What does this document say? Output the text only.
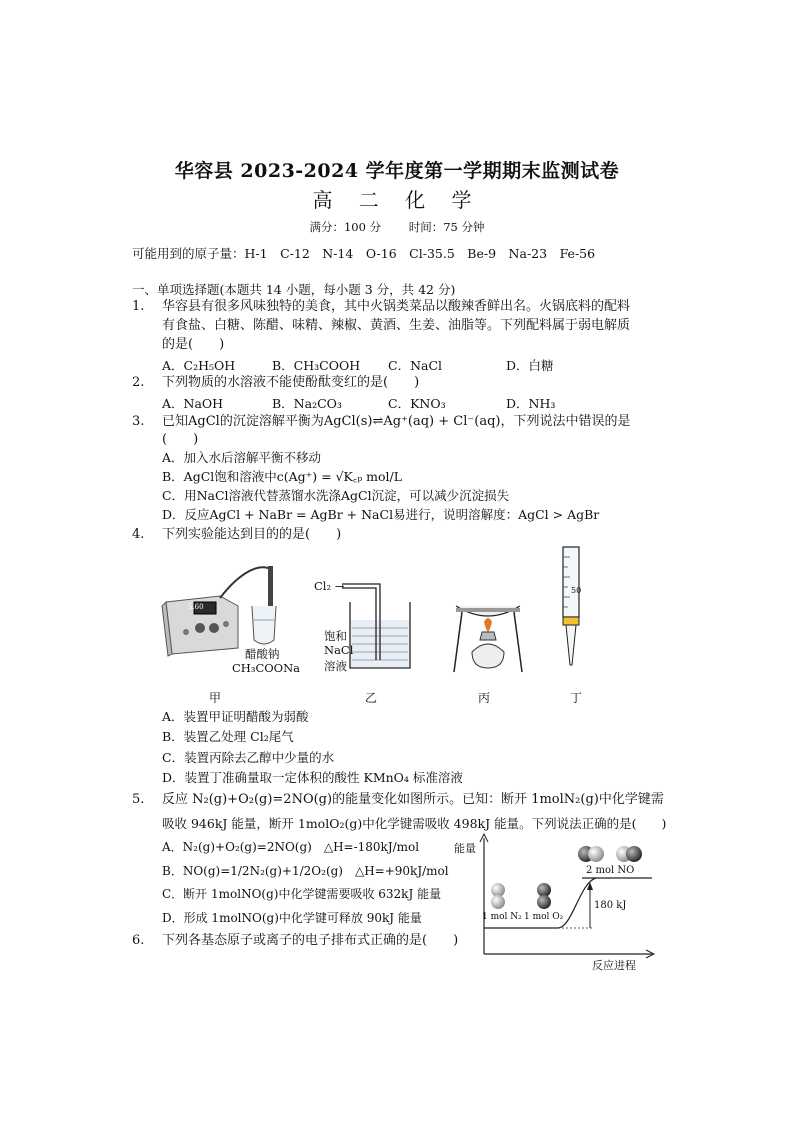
华容县 2023-2024 学年度第一学期期末监测试卷
高 二 化 学
满分：100 分 时间：75 分钟
可能用到的原子量：H-1　C-12　N-14　O-16　Cl-35.5　Be-9　Na-23　Fe-56
一、单项选择题(本题共 14 小题，每小题 3 分，共 42 分)
1. 华容县有很多风味独特的美食，其中火锅类菜品以酸辣香鲜出名。火锅底料的配料
有食盐、白糖、陈醋、味精、辣椒、黄酒、生姜、油脂等。下列配料属于弱电解质
的是(　　)
A．C₂H₅OH	B．CH₃COOH C．NaCl	D．白糖
2. 下列物质的水溶液不能使酚酞变红的是(　　)
A．NaOH	B．Na₂CO₃	C．KNO₃	D．NH₃
3. 已知AgCl的沉淀溶解平衡为AgCl(s)⇌Ag⁺(aq) + Cl⁻(aq)，下列说法中错误的是
(　　)
A．加入水后溶解平衡不移动
B．AgCl饱和溶液中c(Ag⁺) = √K꜀ₚ mol/L
C．用NaCl溶液代替蒸馏水洗涤AgCl沉淀，可以减少沉淀损失
D．反应AgCl + NaBr = AgBr + NaCl易进行，说明溶解度：AgCl > AgBr
4. 下列实验能达到目的的是(　　)
5.60
醋酸钠
CH₃COONa
Cl₂ →
饱和
NaCl
溶液
50
甲	乙	丙	丁
A．装置甲证明醋酸为弱酸
B．装置乙处理 Cl₂尾气
C．装置丙除去乙醇中少量的水
D．装置丁准确量取一定体积的酸性 KMnO₄ 标准溶液
5. 反应 N₂(g)+O₂(g)=2NO(g)的能量变化如图所示。已知：断开 1molN₂(g)中化学键需
吸收 946kJ 能量，断开 1molO₂(g)中化学键需吸收 498kJ 能量。下列说法正确的是(　　)
A．N₂(g)+O₂(g)=2NO(g)　△H=-180kJ/mol
B．NO(g)=1/2N₂(g)+1/2O₂(g)　△H=+90kJ/mol
C．断开 1molNO(g)中化学键需要吸收 632kJ 能量
D．形成 1molNO(g)中化学键可释放 90kJ 能量
能量
反应进程
2 mol NO
1 mol N₂ 1 mol O₂
180 kJ
6. 下列各基态原子或离子的电子排布式正确的是(　　)
